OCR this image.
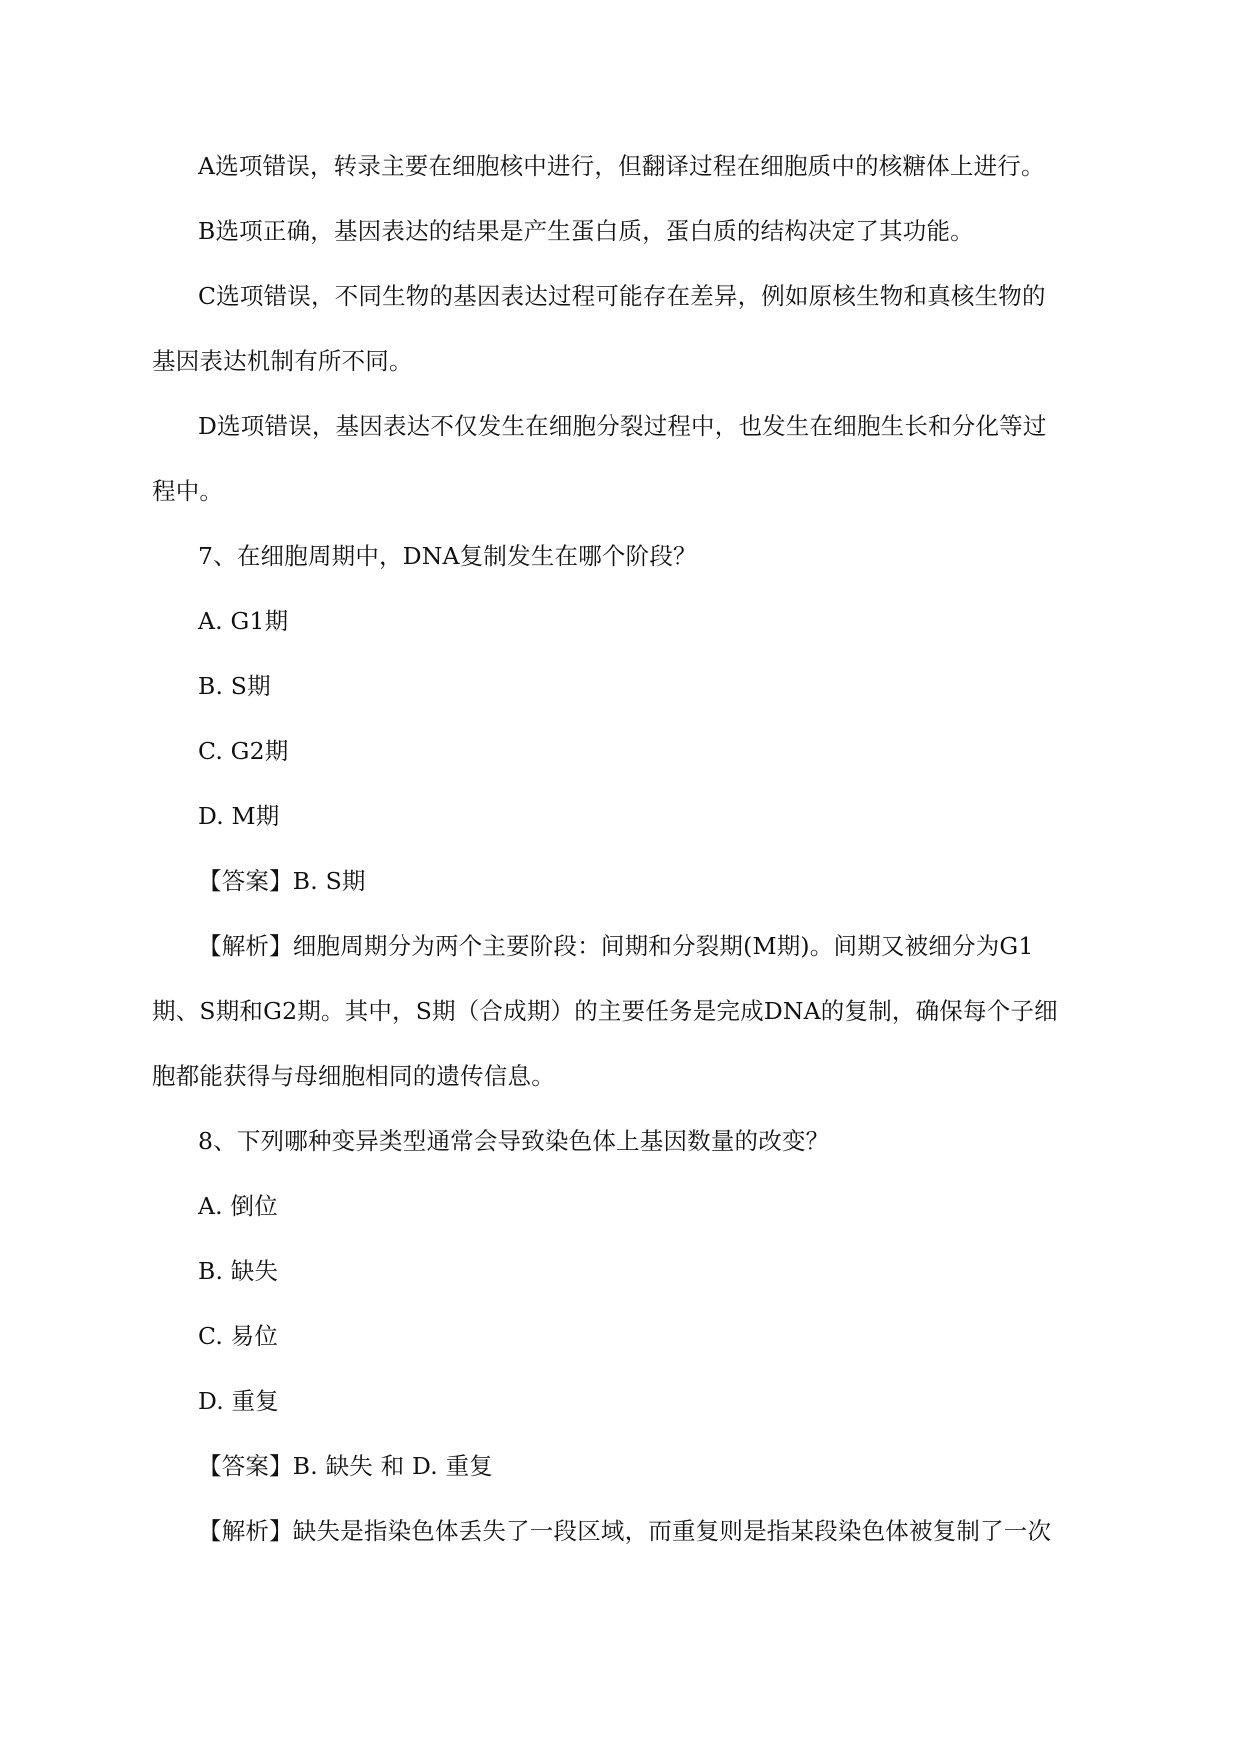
A选项错误，转录主要在细胞核中进行，但翻译过程在细胞质中的核糖体上进行。
B选项正确，基因表达的结果是产生蛋白质，蛋白质的结构决定了其功能。
C选项错误，不同生物的基因表达过程可能存在差异，例如原核生物和真核生物的
基因表达机制有所不同。
D选项错误，基因表达不仅发生在细胞分裂过程中，也发生在细胞生长和分化等过
程中。
7、在细胞周期中，DNA复制发生在哪个阶段？
A. G1期
B. S期
C. G2期
D. M期
【答案】B. S期
【解析】细胞周期分为两个主要阶段：间期和分裂期(M期)。间期又被细分为G1
期、S期和G2期。其中，S期（合成期）的主要任务是完成DNA的复制，确保每个子细
胞都能获得与母细胞相同的遗传信息。
8、下列哪种变异类型通常会导致染色体上基因数量的改变？
A. 倒位
B. 缺失
C. 易位
D. 重复
【答案】B. 缺失 和 D. 重复
【解析】缺失是指染色体丢失了一段区域，而重复则是指某段染色体被复制了一次
